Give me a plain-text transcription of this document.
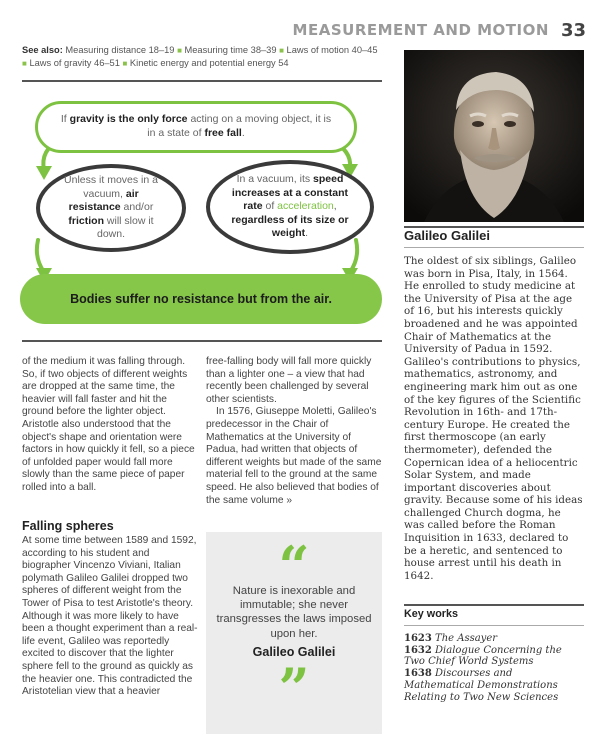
MEASUREMENT AND MOTION 33
See also: Measuring distance 18–19 ■ Measuring time 38–39 ■ Laws of motion 40–45 ■ Laws of gravity 46–51 ■ Kinetic energy and potential energy 54
If gravity is the only force acting on a moving object, it is in a state of free fall.
Unless it moves in a vacuum, air resistance and/or friction will slow it down.
In a vacuum, its speed increases at a constant rate of acceleration, regardless of its size or weight.
Bodies suffer no resistance but from the air.

of the medium it was falling through. So, if two objects of different weights are dropped at the same time, the heavier will fall faster and hit the ground before the lighter object. Aristotle also understood that the object's shape and orientation were factors in how quickly it fell, so a piece of unfolded paper would fall more slowly than the same piece of paper rolled into a ball.

Falling spheres

At some time between 1589 and 1592, according to his student and biographer Vincenzo Viviani, Italian polymath Galileo Galilei dropped two spheres of different weight from the Tower of Pisa to test Aristotle's theory. Although it was more likely to have been a thought experiment than a real-life event, Galileo was reportedly excited to discover that the lighter sphere fell to the ground as quickly as the heavier one. This contradicted the Aristotelian view that a heavier

free-falling body will fall more quickly than a lighter one – a view that had recently been challenged by several other scientists.

In 1576, Giuseppe Moletti, Galileo's predecessor in the Chair of Mathematics at the University of Padua, had written that objects of different weights but made of the same material fell to the ground at the same speed. He also believed that bodies of the same volume »

“
Nature is inexorable and immutable; she never transgresses the laws imposed upon her.
Galileo Galilei
”
Galileo Galilei
The oldest of six siblings, Galileo was born in Pisa, Italy, in 1564. He enrolled to study medicine at the University of Pisa at the age of 16, but his interests quickly broadened and he was appointed Chair of Mathematics at the University of Padua in 1592. Galileo's contributions to physics, mathematics, astronomy, and engineering mark him out as one of the key figures of the Scientific Revolution in 16th- and 17th- century Europe. He created the first thermoscope (an early thermometer), defended the Copernican idea of a heliocentric Solar System, and made important discoveries about gravity. Because some of his ideas challenged Church dogma, he was called before the Roman Inquisition in 1633, declared to be a heretic, and sentenced to house arrest until his death in 1642.
Key works
1623 The Assayer
1632 Dialogue Concerning the Two Chief World Systems
1638 Discourses and Mathematical Demonstrations Relating to Two New Sciences
